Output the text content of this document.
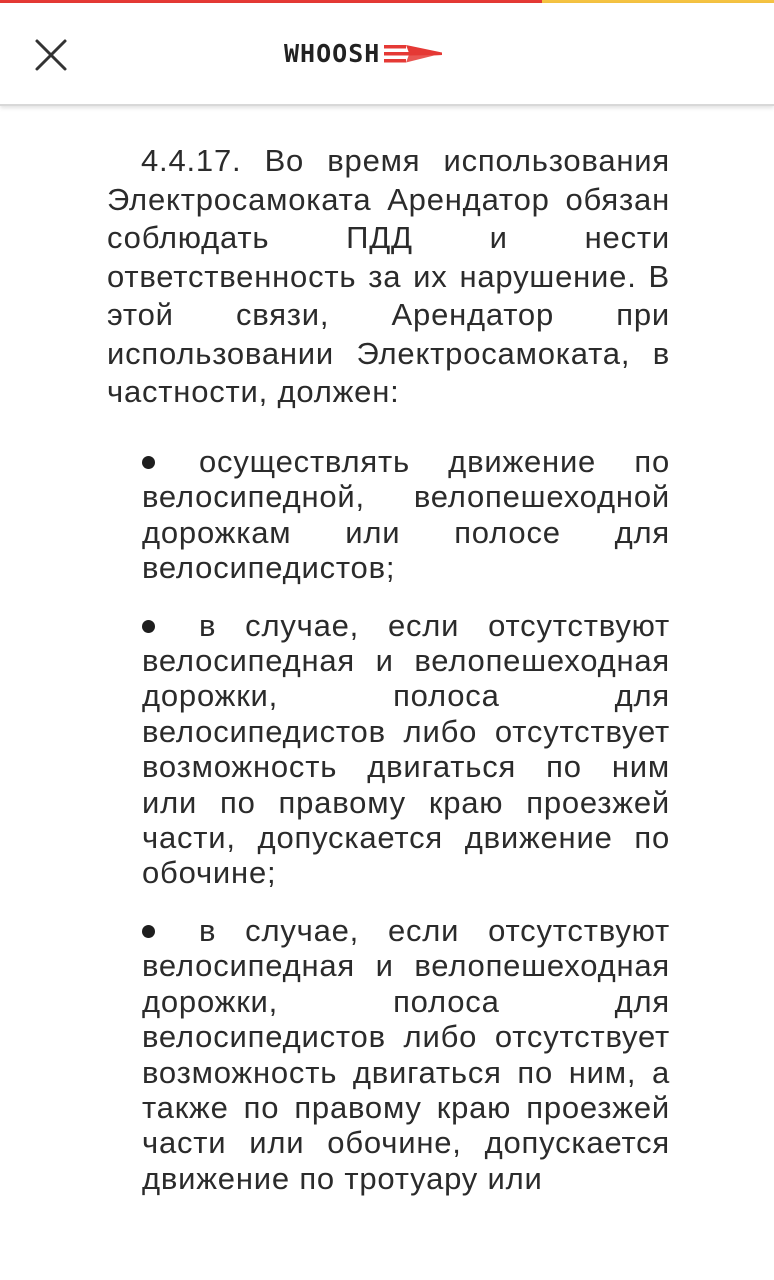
WHOOSH

4.4.17. Во время использования Электросамоката Арендатор обязан соблюдать ПДД и нести ответственность за их нарушение. В этой связи, Арендатор при использовании Электросамоката, в частности, должен:

осуществлять движение по велосипедной, велопешеходной дорожкам или полосе для велосипедистов;
в случае, если отсутствуют велосипедная и велопешеходная дорожки, полоса для велосипедистов либо отсутствует возможность двигаться по ним или по правому краю проезжей части, допускается движение по обочине;
в случае, если отсутствуют велосипедная и велопешеходная дорожки, полоса для велосипедистов либо отсутствует возможность двигаться по ним, а также по правому краю проезжей части или обочине, допускается движение по тротуару или
